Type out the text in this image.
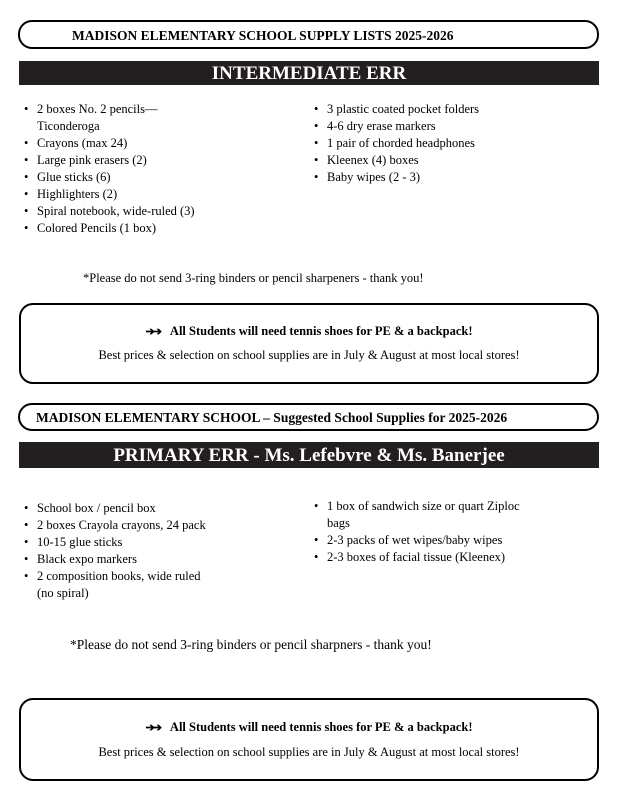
MADISON ELEMENTARY SCHOOL SUPPLY LISTS 2025-2026
INTERMEDIATE ERR
• 2 boxes No. 2 pencils—
Ticonderoga
• Crayons (max 24)
• Large pink erasers (2)
• Glue sticks (6)
• Highlighters (2)
• Spiral notebook, wide-ruled (3)
• Colored Pencils (1 box)
• 3 plastic coated pocket folders
• 4-6 dry erase markers
• 1 pair of chorded headphones
• Kleenex (4) boxes
• Baby wipes (2 - 3)
*Please do not send 3-ring binders or pencil sharpeners - thank you!
➔➔ All Students will need tennis shoes for PE & a backpack!
Best prices & selection on school supplies are in July & August at most local stores!
MADISON ELEMENTARY SCHOOL – Suggested School Supplies for 2025-2026
PRIMARY ERR - Ms. Lefebvre & Ms. Banerjee
• School box / pencil box
• 2 boxes Crayola crayons, 24 pack
• 10-15 glue sticks
• Black expo markers
• 2 composition books, wide ruled
(no spiral)
• 1 box of sandwich size or quart Ziploc
bags
• 2-3 packs of wet wipes/baby wipes
• 2-3 boxes of facial tissue (Kleenex)
*Please do not send 3-ring binders or pencil sharpners - thank you!
➔➔ All Students will need tennis shoes for PE & a backpack!
Best prices & selection on school supplies are in July & August at most local stores!
